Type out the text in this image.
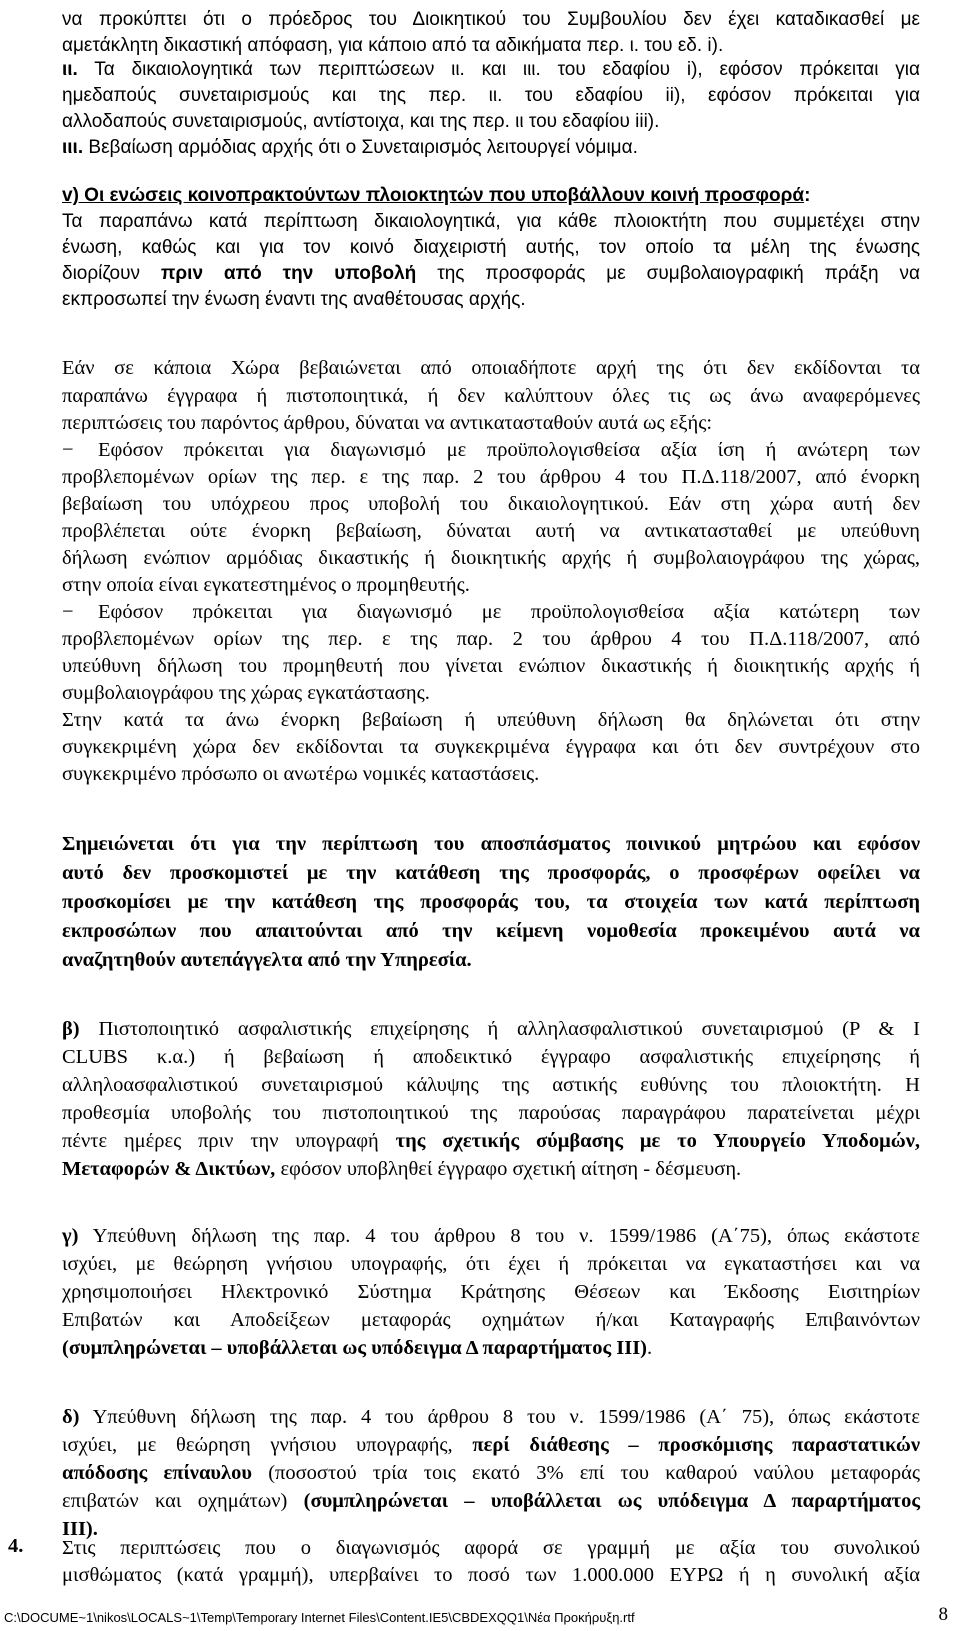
να προκύπτει ότι ο πρόεδρος του Διοικητικού του Συμβουλίου δεν έχει καταδικασθεί με
αμετάκλητη δικαστική απόφαση, για κάποιο από τα αδικήματα περ. ι. του εδ. i).
ιι. Τα δικαιολογητικά των περιπτώσεων ιι. και ιιι. του εδαφίου i), εφόσον πρόκειται για
ημεδαπούς συνεταιρισμούς και της περ. ιι. του εδαφίου ii), εφόσον πρόκειται για
αλλοδαπούς συνεταιρισμούς, αντίστοιχα, και της περ. ιι του εδαφίου iii).
ιιι. Βεβαίωση αρμόδιας αρχής ότι ο Συνεταιρισμός λειτουργεί νόμιμα.
v) Οι ενώσεις κοινοπρακτούντων πλοιοκτητών που υποβάλλουν κοινή προσφορά:
Τα παραπάνω κατά περίπτωση δικαιολογητικά, για κάθε πλοιοκτήτη που συμμετέχει στην
ένωση, καθώς και για τον κοινό διαχειριστή αυτής, τον οποίο τα μέλη της ένωσης
διορίζουν πριν από την υποβολή της προσφοράς με συμβολαιογραφική πράξη να
εκπροσωπεί την ένωση έναντι της αναθέτουσας αρχής.
Εάν σε κάποια Χώρα βεβαιώνεται από οποιαδήποτε αρχή της ότι δεν εκδίδονται τα
παραπάνω έγγραφα ή πιστοποιητικά, ή δεν καλύπτουν όλες τις ως άνω αναφερόμενες
περιπτώσεις του παρόντος άρθρου, δύναται να αντικατασταθούν αυτά ως εξής:
− Εφόσον πρόκειται για διαγωνισμό με προϋπολογισθείσα αξία ίση ή ανώτερη των
προβλεπομένων ορίων της περ. ε της παρ. 2 του άρθρου 4 του Π.Δ.118/2007, από ένορκη
βεβαίωση του υπόχρεου προς υποβολή του δικαιολογητικού. Εάν στη χώρα αυτή δεν
προβλέπεται ούτε ένορκη βεβαίωση, δύναται αυτή να αντικατασταθεί με υπεύθυνη
δήλωση ενώπιον αρμόδιας δικαστικής ή διοικητικής αρχής ή συμβολαιογράφου της χώρας,
στην οποία είναι εγκατεστημένος ο προμηθευτής.
− Εφόσον πρόκειται για διαγωνισμό με προϋπολογισθείσα αξία κατώτερη των
προβλεπομένων ορίων της περ. ε της παρ. 2 του άρθρου 4 του Π.Δ.118/2007, από
υπεύθυνη δήλωση του προμηθευτή που γίνεται ενώπιον δικαστικής ή διοικητικής αρχής ή
συμβολαιογράφου της χώρας εγκατάστασης.
Στην κατά τα άνω ένορκη βεβαίωση ή υπεύθυνη δήλωση θα δηλώνεται ότι στην
συγκεκριμένη χώρα δεν εκδίδονται τα συγκεκριμένα έγγραφα και ότι δεν συντρέχουν στο
συγκεκριμένο πρόσωπο οι ανωτέρω νομικές καταστάσεις.
Σημειώνεται ότι για την περίπτωση του αποσπάσματος ποινικού μητρώου και εφόσον
αυτό δεν προσκομιστεί με την κατάθεση της προσφοράς, ο προσφέρων οφείλει να
προσκομίσει με την κατάθεση της προσφοράς του, τα στοιχεία των κατά περίπτωση
εκπροσώπων που απαιτούνται από την κείμενη νομοθεσία προκειμένου αυτά να
αναζητηθούν αυτεπάγγελτα από την Υπηρεσία.
β) Πιστοποιητικό ασφαλιστικής επιχείρησης ή αλληλασφαλιστικού συνεταιρισμού (P & I
CLUBS κ.α.) ή βεβαίωση ή αποδεικτικό έγγραφο ασφαλιστικής επιχείρησης ή
αλληλοασφαλιστικού συνεταιρισμού κάλυψης της αστικής ευθύνης του πλοιοκτήτη. Η
προθεσμία υποβολής του πιστοποιητικού της παρούσας παραγράφου παρατείνεται μέχρι
πέντε ημέρες πριν την υπογραφή της σχετικής σύμβασης με το Υπουργείο Υποδομών,
Μεταφορών & Δικτύων, εφόσον υποβληθεί έγγραφο σχετική αίτηση - δέσμευση.
γ) Υπεύθυνη δήλωση της παρ. 4 του άρθρου 8 του ν. 1599/1986 (Α΄75), όπως εκάστοτε
ισχύει, με θεώρηση γνήσιου υπογραφής, ότι έχει ή πρόκειται να εγκαταστήσει και να
χρησιμοποιήσει Ηλεκτρονικό Σύστημα Κράτησης Θέσεων και Έκδοσης Εισιτηρίων
Επιβατών και Αποδείξεων μεταφοράς οχημάτων ή/και Καταγραφής Επιβαινόντων
(συμπληρώνεται – υποβάλλεται ως υπόδειγμα Δ παραρτήματος ΙΙΙ).
δ) Υπεύθυνη δήλωση της παρ. 4 του άρθρου 8 του ν. 1599/1986 (Α΄ 75), όπως εκάστοτε
ισχύει, με θεώρηση γνήσιου υπογραφής, περί διάθεσης – προσκόμισης παραστατικών
απόδοσης επίναυλου (ποσοστού τρία τοις εκατό 3% επί του καθαρού ναύλου μεταφοράς
επιβατών και οχημάτων) (συμπληρώνεται – υποβάλλεται ως υπόδειγμα Δ παραρτήματος
ΙΙΙ).
4. Στις περιπτώσεις που ο διαγωνισμός αφορά σε γραμμή με αξία του συνολικού
μισθώματος (κατά γραμμή), υπερβαίνει το ποσό των 1.000.000 ΕΥΡΩ ή η συνολική αξία
C:\DOCUME~1\nikos\LOCALS~1\Temp\Temporary Internet Files\Content.IE5\CBDEXQQ1\Νέα Προκήρυξη.rtf	8
